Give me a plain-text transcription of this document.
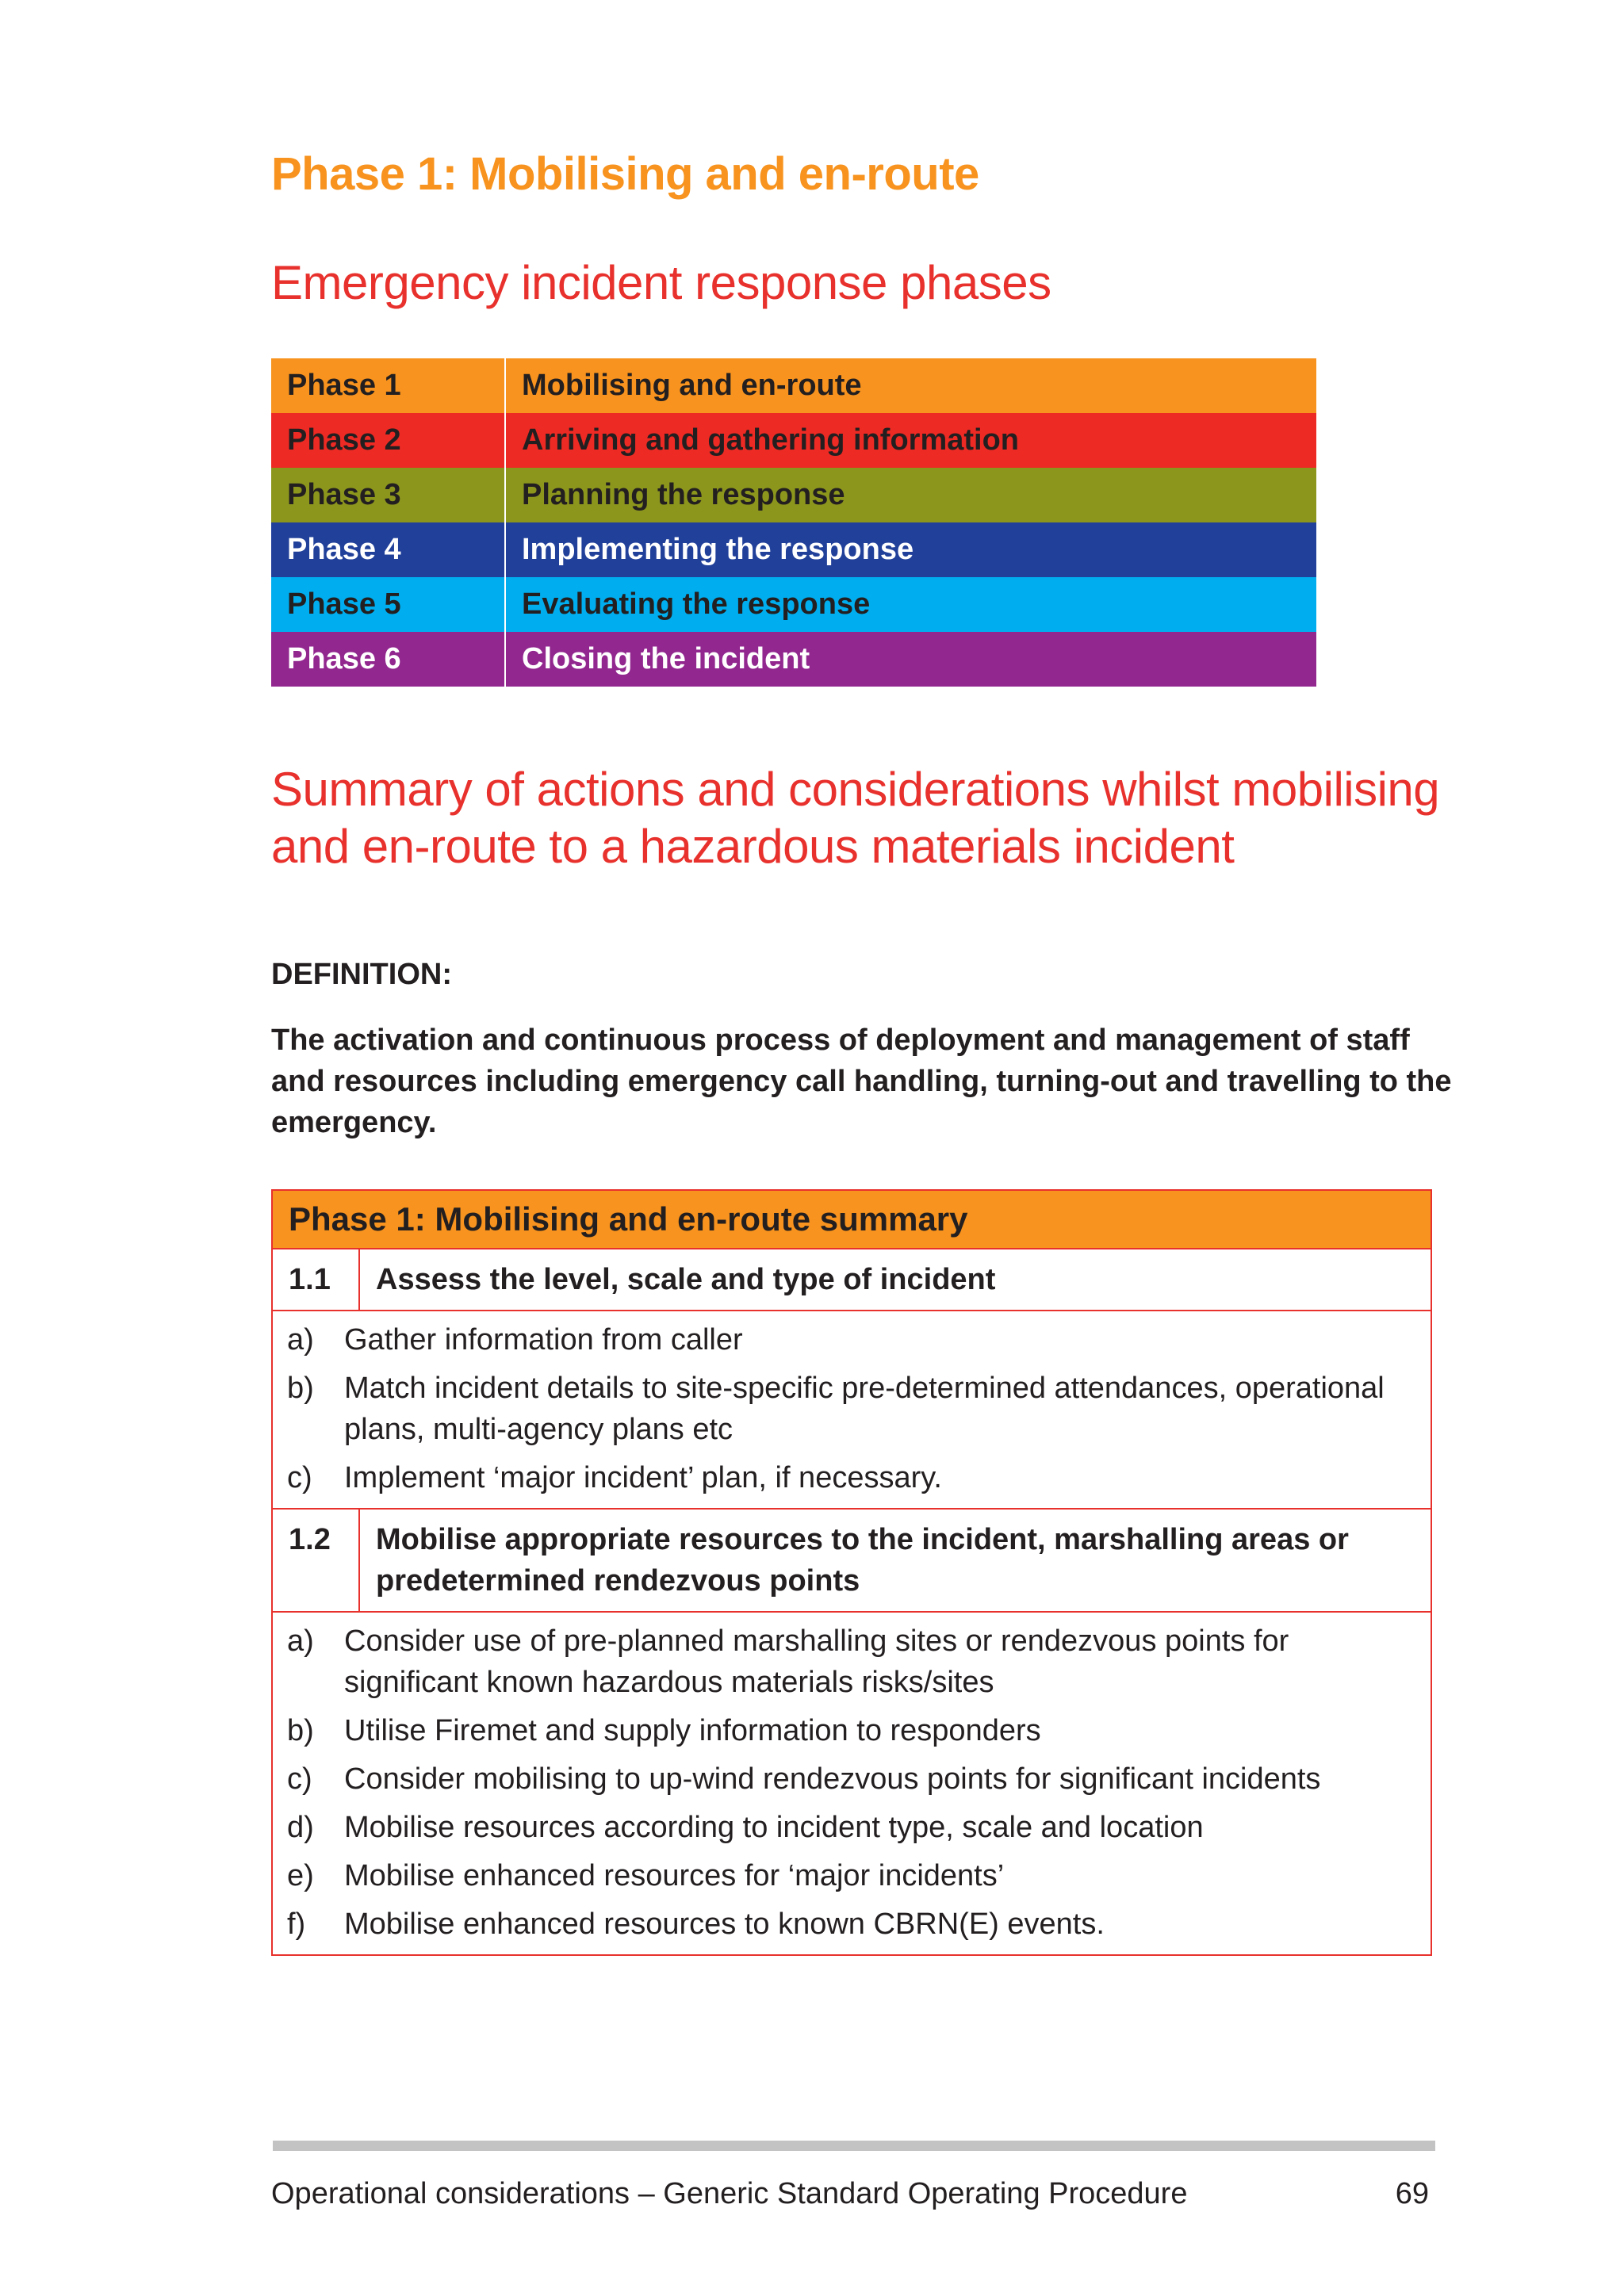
Phase 1: Mobilising and en-route
Emergency incident response phases
Phase 1	Mobilising and en-route
Phase 2	Arriving and gathering information
Phase 3	Planning the response
Phase 4	Implementing the response
Phase 5	Evaluating the response
Phase 6	Closing the incident
Summary of actions and considerations whilst mobilising and en-route to a hazardous materials incident

DEFINITION:

The activation and continuous process of deployment and management of staff and resources including emergency call handling, turning-out and travelling to the emergency.

Phase 1: Mobilising and en-route summary
1.1	Assess the level, scale and type of incident
a)	Gather information from caller
b)	Match incident details to site-specific pre-determined attendances, operational plans, multi-agency plans etc
c)	Implement ‘major incident’ plan, if necessary.
1.2	Mobilise appropriate resources to the incident, marshalling areas or predetermined rendezvous points
a)	Consider use of pre-planned marshalling sites or rendezvous points for significant known hazardous materials risks/sites
b)	Utilise Firemet and supply information to responders
c)	Consider mobilising to up-wind rendezvous points for significant incidents
d)	Mobilise resources according to incident type, scale and location
e)	Mobilise enhanced resources for ‘major incidents’
f)	Mobilise enhanced resources to known CBRN(E) events.
Operational considerations – Generic Standard Operating Procedure	69
